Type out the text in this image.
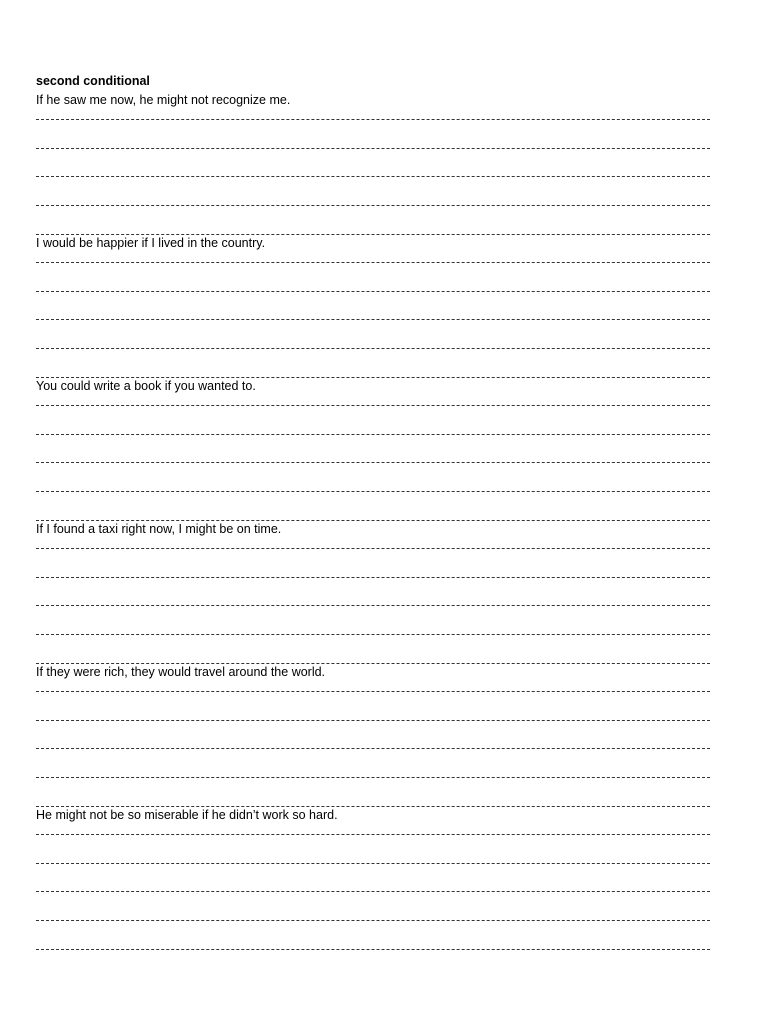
second conditional
If he saw me now, he might not recognize me.
I would be happier if I lived in the country.
You could write a book if you wanted to.
If I found a taxi right now, I might be on time.
If they were rich, they would travel around the world.
He might not be so miserable if he didn’t work so hard.
